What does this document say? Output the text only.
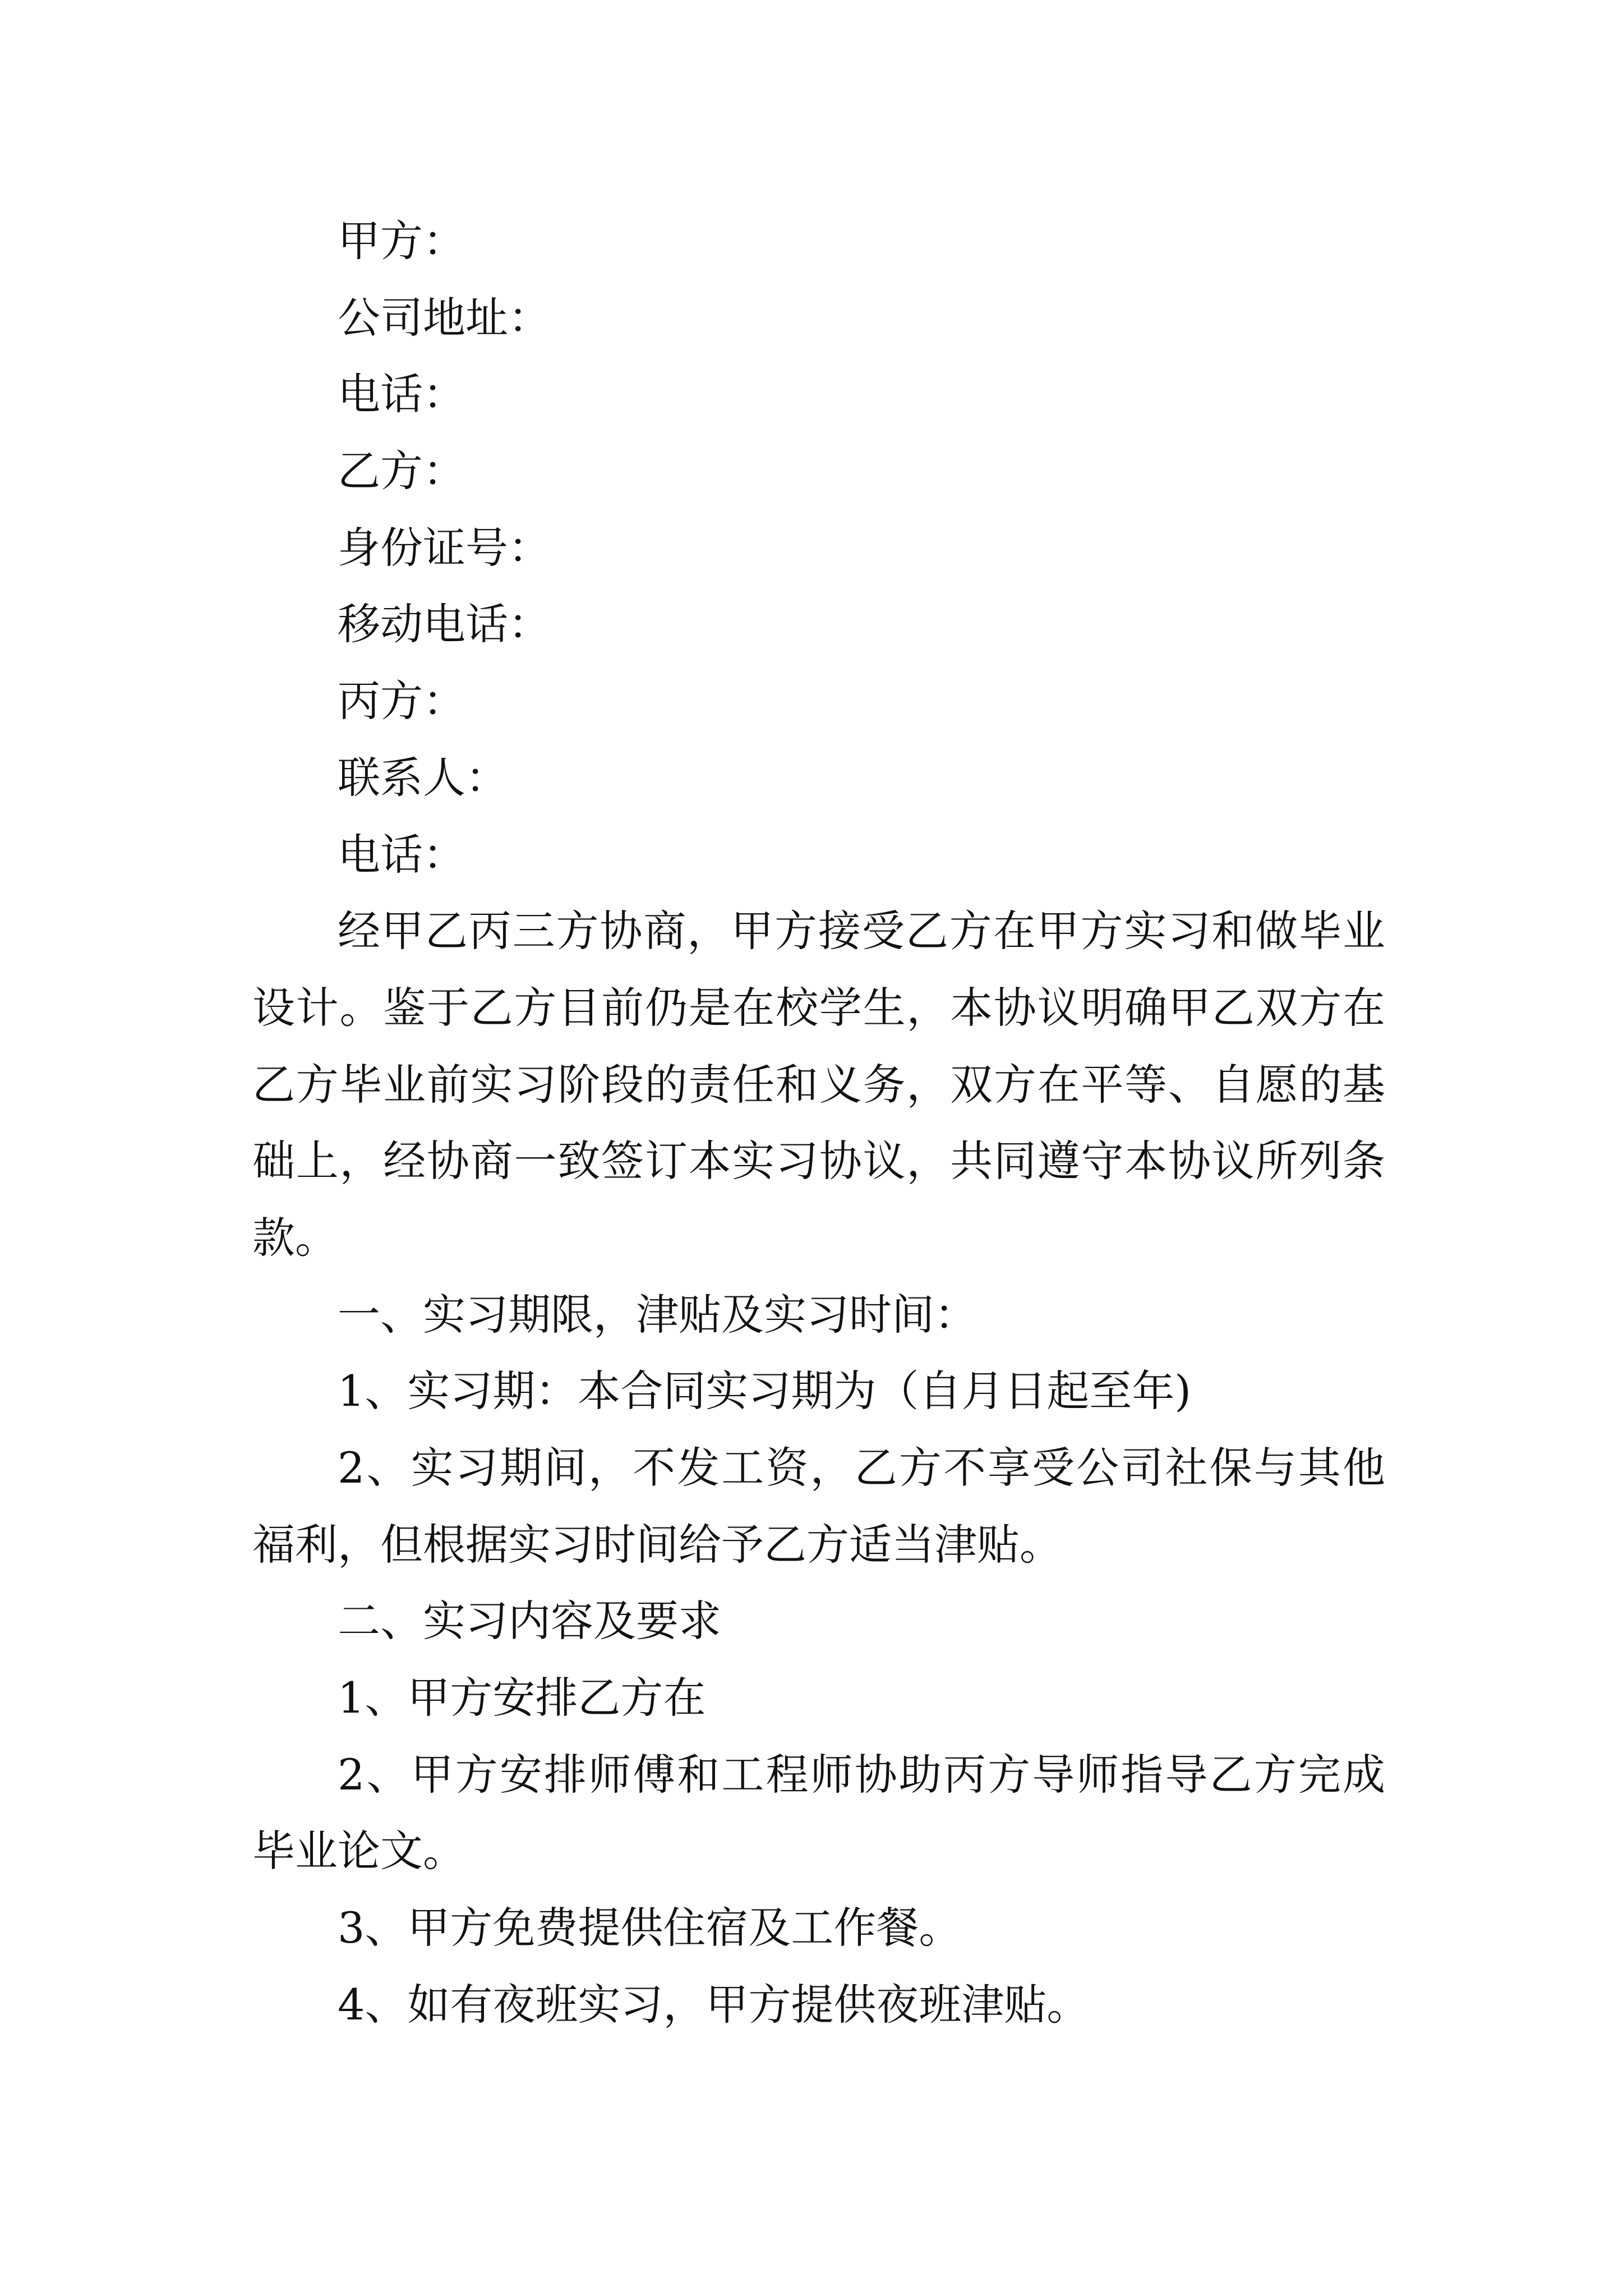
甲方：
公司地址：
电话：
乙方：
身份证号：
移动电话：
丙方：
联系人：
电话：
经甲乙丙三方协商，甲方接受乙方在甲方实习和做毕业
设计。鉴于乙方目前仍是在校学生，本协议明确甲乙双方在
乙方毕业前实习阶段的责任和义务，双方在平等、自愿的基
础上，经协商一致签订本实习协议，共同遵守本协议所列条
款。
一、实习期限，津贴及实习时间：
1、实习期：本合同实习期为（自月日起至年)
2、实习期间，不发工资，乙方不享受公司社保与其他
福利，但根据实习时间给予乙方适当津贴。
二、实习内容及要求
1、甲方安排乙方在
2、甲方安排师傅和工程师协助丙方导师指导乙方完成
毕业论文。
3、甲方免费提供住宿及工作餐。
4、如有夜班实习，甲方提供夜班津贴。
